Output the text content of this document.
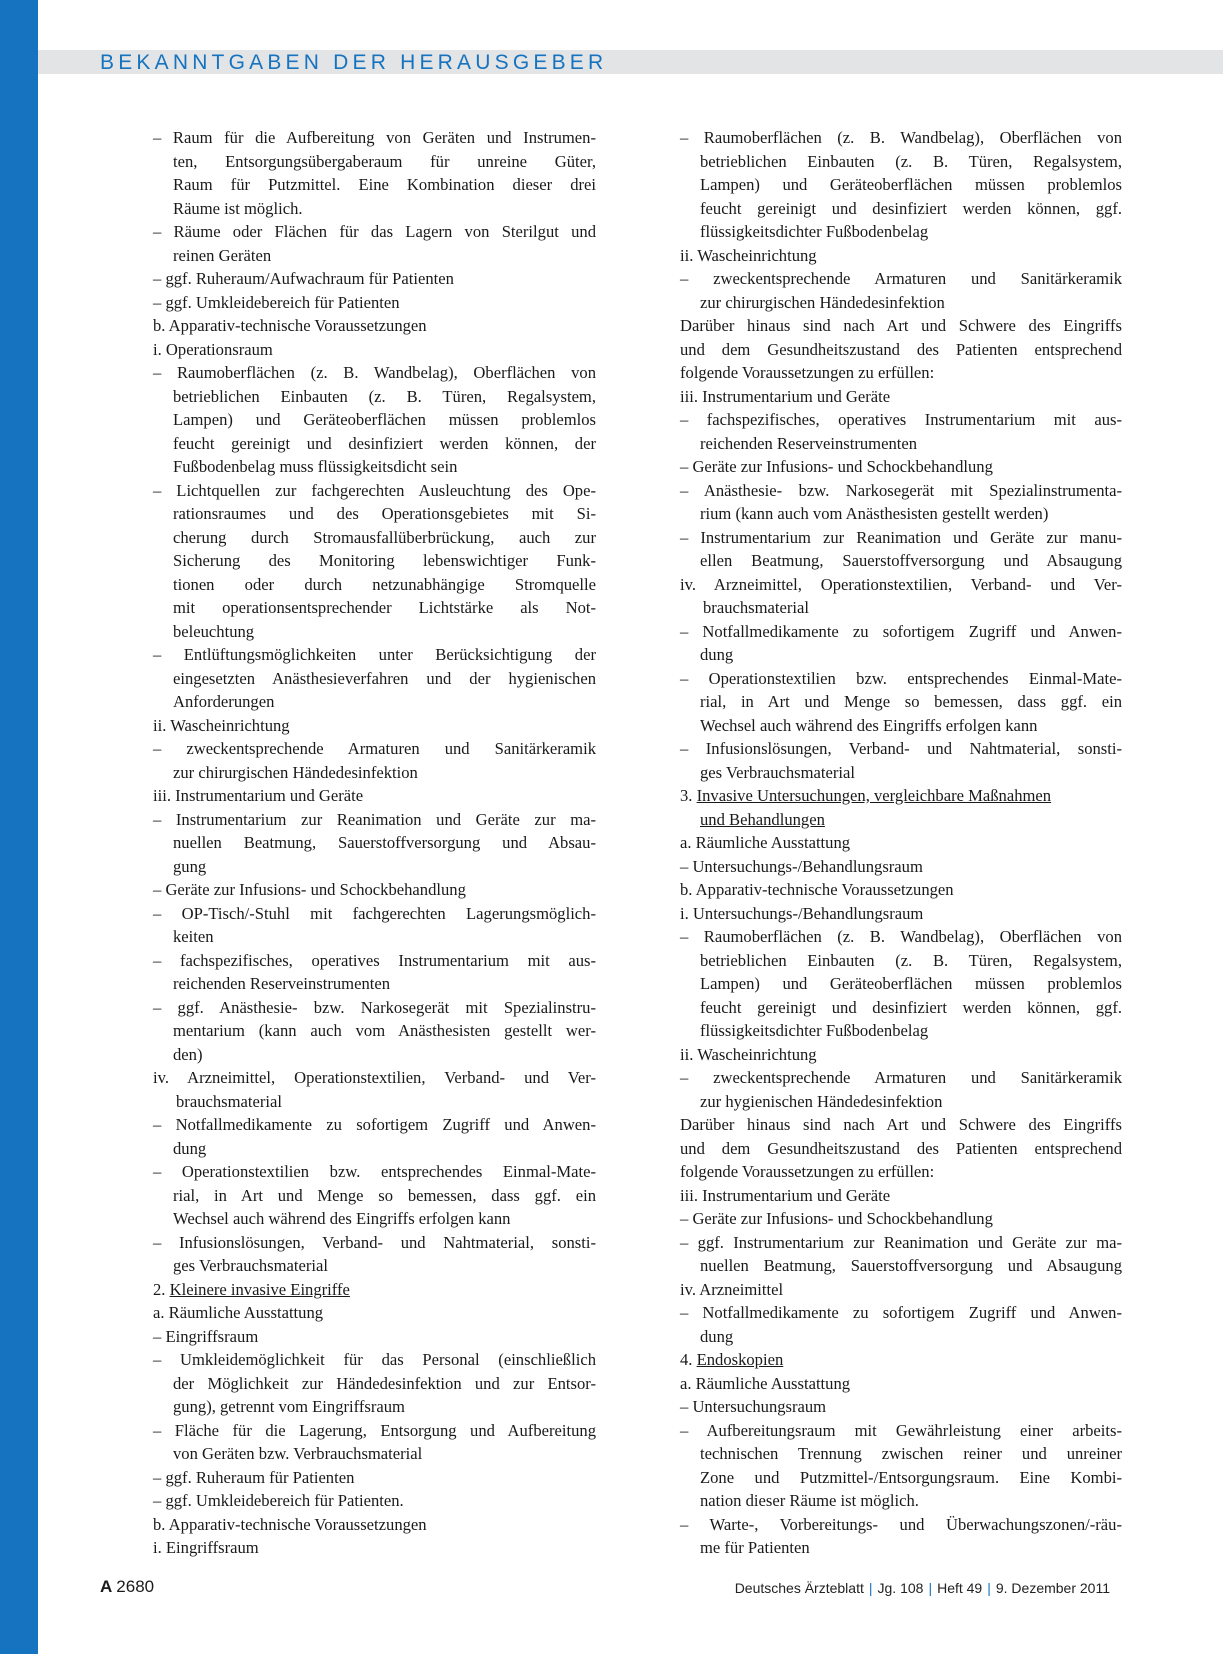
BEKANNTGABEN DER HERAUSGEBER
– Raum für die Aufbereitung von Geräten und Instrumen-
ten, Entsorgungsübergaberaum für unreine Güter,
Raum für Putzmittel. Eine Kombination dieser drei
Räume ist möglich.
– Räume oder Flächen für das Lagern von Sterilgut und
reinen Geräten
– ggf. Ruheraum/Aufwachraum für Patienten
– ggf. Umkleidebereich für Patienten
b. Apparativ-technische Voraussetzungen
i. Operationsraum
– Raumoberflächen (z. B. Wandbelag), Oberflächen von
betrieblichen Einbauten (z. B. Türen, Regalsystem,
Lampen) und Geräteoberflächen müssen problemlos
feucht gereinigt und desinfiziert werden können, der
Fußbodenbelag muss flüssigkeitsdicht sein
– Lichtquellen zur fachgerechten Ausleuchtung des Ope-
rationsraumes und des Operationsgebietes mit Si-
cherung durch Stromausfallüberbrückung, auch zur
Sicherung des Monitoring lebenswichtiger Funk-
tionen oder durch netzunabhängige Stromquelle
mit operationsentsprechender Lichtstärke als Not-
beleuchtung
– Entlüftungsmöglichkeiten unter Berücksichtigung der
eingesetzten Anästhesieverfahren und der hygienischen
Anforderungen
ii. Wascheinrichtung
– zweckentsprechende Armaturen und Sanitärkeramik
zur chirurgischen Händedesinfektion
iii. Instrumentarium und Geräte
– Instrumentarium zur Reanimation und Geräte zur ma-
nuellen Beatmung, Sauerstoffversorgung und Absau-
gung
– Geräte zur Infusions- und Schockbehandlung
– OP-Tisch/-Stuhl mit fachgerechten Lagerungsmöglich-
keiten
– fachspezifisches, operatives Instrumentarium mit aus-
reichenden Reserveinstrumenten
– ggf. Anästhesie- bzw. Narkosegerät mit Spezialinstru-
mentarium (kann auch vom Anästhesisten gestellt wer-
den)
iv. Arzneimittel, Operationstextilien, Verband- und Ver-
brauchsmaterial
– Notfallmedikamente zu sofortigem Zugriff und Anwen-
dung
– Operationstextilien bzw. entsprechendes Einmal-Mate-
rial, in Art und Menge so bemessen, dass ggf. ein
Wechsel auch während des Eingriffs erfolgen kann
– Infusionslösungen, Verband- und Nahtmaterial, sonsti-
ges Verbrauchsmaterial
2. Kleinere invasive Eingriffe
a. Räumliche Ausstattung
– Eingriffsraum
– Umkleidemöglichkeit für das Personal (einschließlich
der Möglichkeit zur Händedesinfektion und zur Entsor-
gung), getrennt vom Eingriffsraum
– Fläche für die Lagerung, Entsorgung und Aufbereitung
von Geräten bzw. Verbrauchsmaterial
– ggf. Ruheraum für Patienten
– ggf. Umkleidebereich für Patienten.
b. Apparativ-technische Voraussetzungen
i. Eingriffsraum
– Raumoberflächen (z. B. Wandbelag), Oberflächen von
betrieblichen Einbauten (z. B. Türen, Regalsystem,
Lampen) und Geräteoberflächen müssen problemlos
feucht gereinigt und desinfiziert werden können, ggf.
flüssigkeitsdichter Fußbodenbelag
ii. Wascheinrichtung
– zweckentsprechende Armaturen und Sanitärkeramik
zur chirurgischen Händedesinfektion
Darüber hinaus sind nach Art und Schwere des Eingriffs
und dem Gesundheitszustand des Patienten entsprechend
folgende Voraussetzungen zu erfüllen:
iii. Instrumentarium und Geräte
– fachspezifisches, operatives Instrumentarium mit aus-
reichenden Reserveinstrumenten
– Geräte zur Infusions- und Schockbehandlung
– Anästhesie- bzw. Narkosegerät mit Spezialinstrumenta-
rium (kann auch vom Anästhesisten gestellt werden)
– Instrumentarium zur Reanimation und Geräte zur manu-
ellen Beatmung, Sauerstoffversorgung und Absaugung
iv. Arzneimittel, Operationstextilien, Verband- und Ver-
brauchsmaterial
– Notfallmedikamente zu sofortigem Zugriff und Anwen-
dung
– Operationstextilien bzw. entsprechendes Einmal-Mate-
rial, in Art und Menge so bemessen, dass ggf. ein
Wechsel auch während des Eingriffs erfolgen kann
– Infusionslösungen, Verband- und Nahtmaterial, sonsti-
ges Verbrauchsmaterial
3. Invasive Untersuchungen, vergleichbare Maßnahmen
und Behandlungen
a. Räumliche Ausstattung
– Untersuchungs-/Behandlungsraum
b. Apparativ-technische Voraussetzungen
i. Untersuchungs-/Behandlungsraum
– Raumoberflächen (z. B. Wandbelag), Oberflächen von
betrieblichen Einbauten (z. B. Türen, Regalsystem,
Lampen) und Geräteoberflächen müssen problemlos
feucht gereinigt und desinfiziert werden können, ggf.
flüssigkeitsdichter Fußbodenbelag
ii. Wascheinrichtung
– zweckentsprechende Armaturen und Sanitärkeramik
zur hygienischen Händedesinfektion
Darüber hinaus sind nach Art und Schwere des Eingriffs
und dem Gesundheitszustand des Patienten entsprechend
folgende Voraussetzungen zu erfüllen:
iii. Instrumentarium und Geräte
– Geräte zur Infusions- und Schockbehandlung
– ggf. Instrumentarium zur Reanimation und Geräte zur ma-
nuellen Beatmung, Sauerstoffversorgung und Absaugung
iv. Arzneimittel
– Notfallmedikamente zu sofortigem Zugriff und Anwen-
dung
4. Endoskopien
a. Räumliche Ausstattung
– Untersuchungsraum
– Aufbereitungsraum mit Gewährleistung einer arbeits-
technischen Trennung zwischen reiner und unreiner
Zone und Putzmittel-/Entsorgungsraum. Eine Kombi-
nation dieser Räume ist möglich.
– Warte-, Vorbereitungs- und Überwachungszonen/-räu-
me für Patienten
A 2680	Deutsches Ärzteblatt | Jg. 108 | Heft 49 | 9. Dezember 2011
